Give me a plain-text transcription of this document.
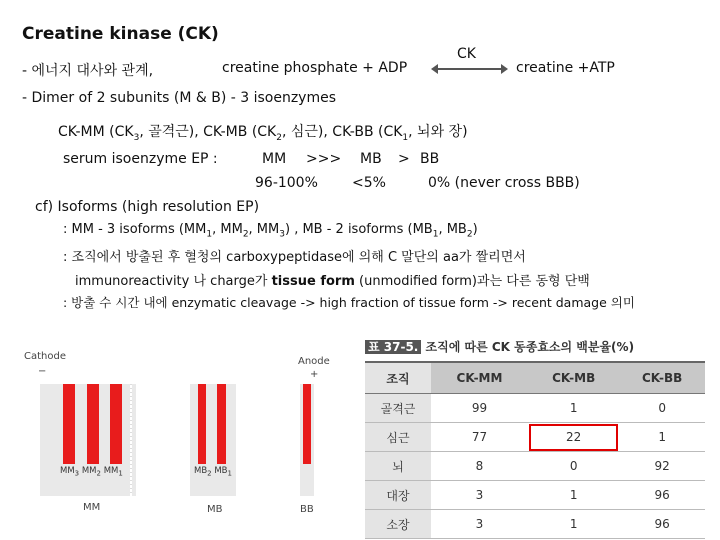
Creatine kinase (CK)
- 에너지 대사와 관계,	creatine phosphate + ADP
CK
creatine +ATP
- Dimer of 2 subunits (M & B) - 3 isoenzymes
CK-MM ($CK_3$, 골격근), CK-MB ($CK_2$, 심근), CK-BB ($CK_1$, 뇌와 장)
serum isoenzyme EP :	MM >>> MB > BB
96-100% <5%	0% (never cross BBB)
cf) Isoforms (high resolution EP)
: MM - 3 isoforms ($MM_1$, $MM_2$, $MM_3$) , MB - 2 isoforms ($MB_1$, $MB_2$)
: 조직에서 방출된 후 혈청의 carboxypeptidase에 의해 C 말단의 aa가 짤리면서
immunoreactivity 나 charge가 tissue form (unmodified form)과는 다른 동형 단백
: 방출 수 시간 내에 enzymatic cleavage -> high fraction of tissue form -> recent damage 의미
Cathode
−
Anode
+
$MM_3$ $MM_2$ $MM_1$	$MB_2$ $MB_1$
MM	MB	BB
표 37-5. 조직에 따른 CK 동종효소의 백분율(%)
조직	CK-MM	CK-MB	CK-BB
골격근	99	1	0
심근	77	22	1
뇌	8	0	92
대장	3	1	96
소장	3	1	96
